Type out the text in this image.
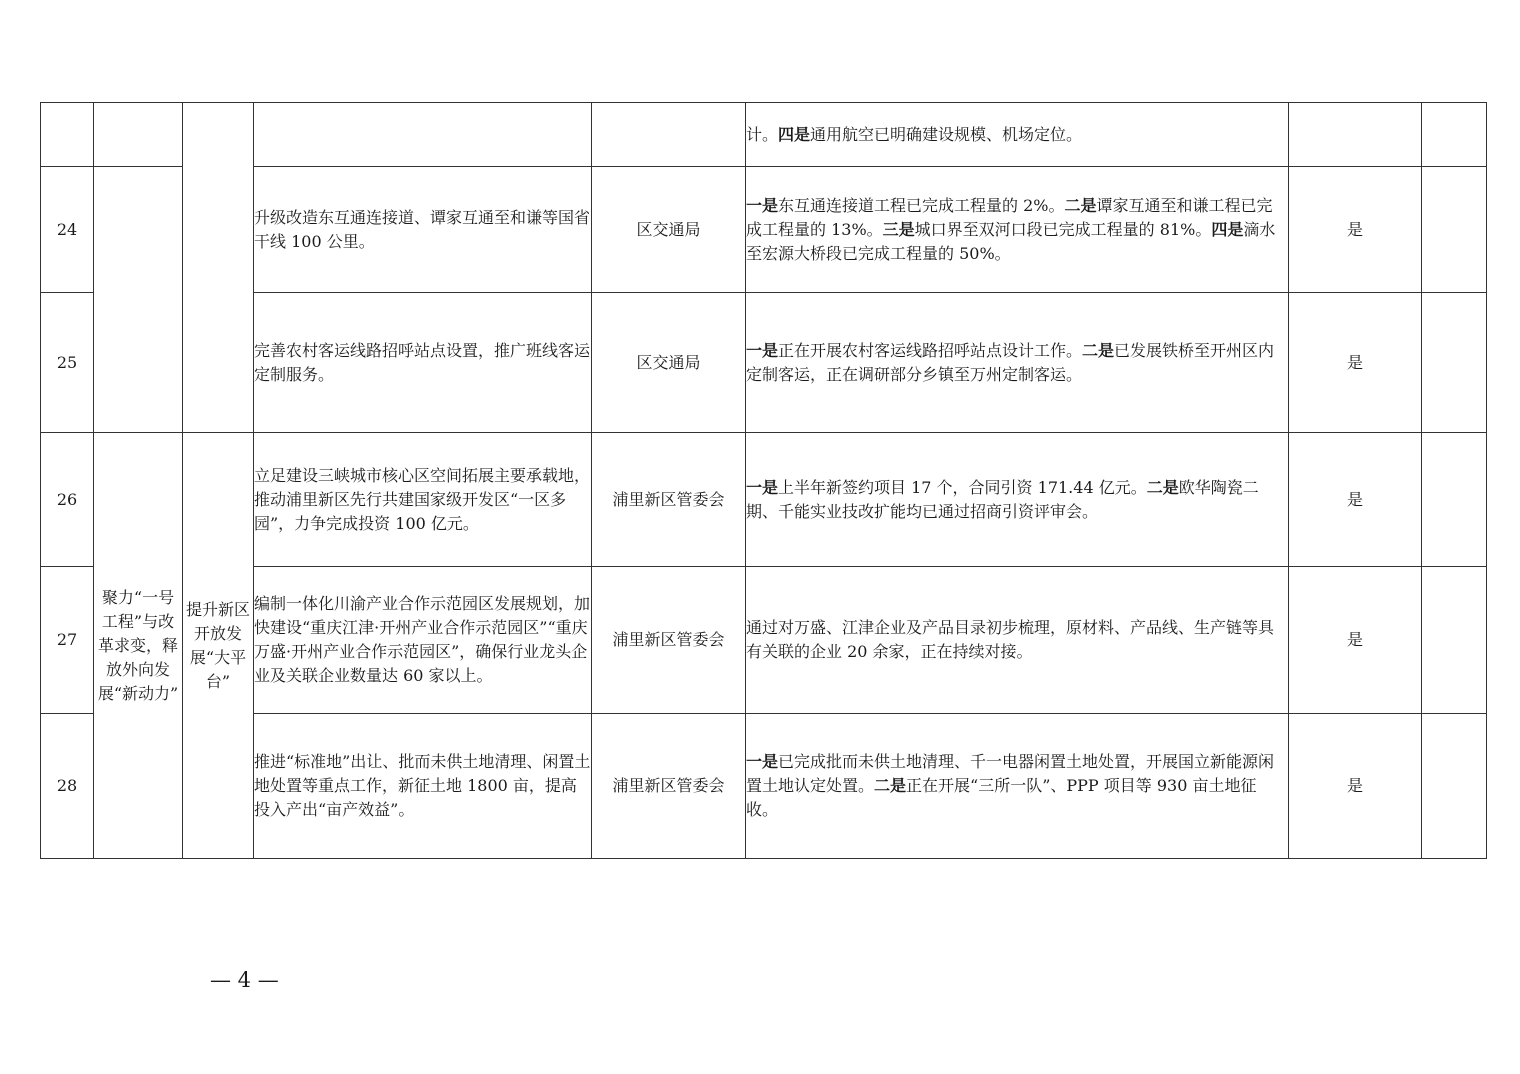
					计。四是通用航空已明确建设规模、机场定位。		
24			升级改造东互通连接道、谭家互通至和谦等国省干线 100 公里。	区交通局	一是东互通连接道工程已完成工程量的 2%。二是谭家互通至和谦工程已完成工程量的 13%。三是城口界至双河口段已完成工程量的 81%。四是滴水至宏源大桥段已完成工程量的 50%。	是	
25			完善农村客运线路招呼站点设置，推广班线客运定制服务。	区交通局	一是正在开展农村客运线路招呼站点设计工作。二是已发展铁桥至开州区内定制客运，正在调研部分乡镇至万州定制客运。	是	
26	聚力“一号工程”与改革求变，释放外向发展“新动力”	提升新区开放发展“大平台”	立足建设三峡城市核心区空间拓展主要承载地，推动浦里新区先行共建国家级开发区“一区多园”，力争完成投资 100 亿元。	浦里新区管委会	一是上半年新签约项目 17 个，合同引资 171.44 亿元。二是欧华陶瓷二期、千能实业技改扩能均已通过招商引资评审会。	是	
27			编制一体化川渝产业合作示范园区发展规划，加快建设“重庆江津·开州产业合作示范园区”“重庆万盛·开州产业合作示范园区”，确保行业龙头企业及关联企业数量达 60 家以上。	浦里新区管委会	通过对万盛、江津企业及产品目录初步梳理，原材料、产品线、生产链等具有关联的企业 20 余家，正在持续对接。	是	
28			推进“标准地”出让、批而未供土地清理、闲置土地处置等重点工作，新征土地 1800 亩，提高投入产出“亩产效益”。	浦里新区管委会	一是已完成批而未供土地清理、千一电器闲置土地处置，开展国立新能源闲置土地认定处置。二是正在开展“三所一队”、PPP 项目等 930 亩土地征收。	是	
— 4 —
